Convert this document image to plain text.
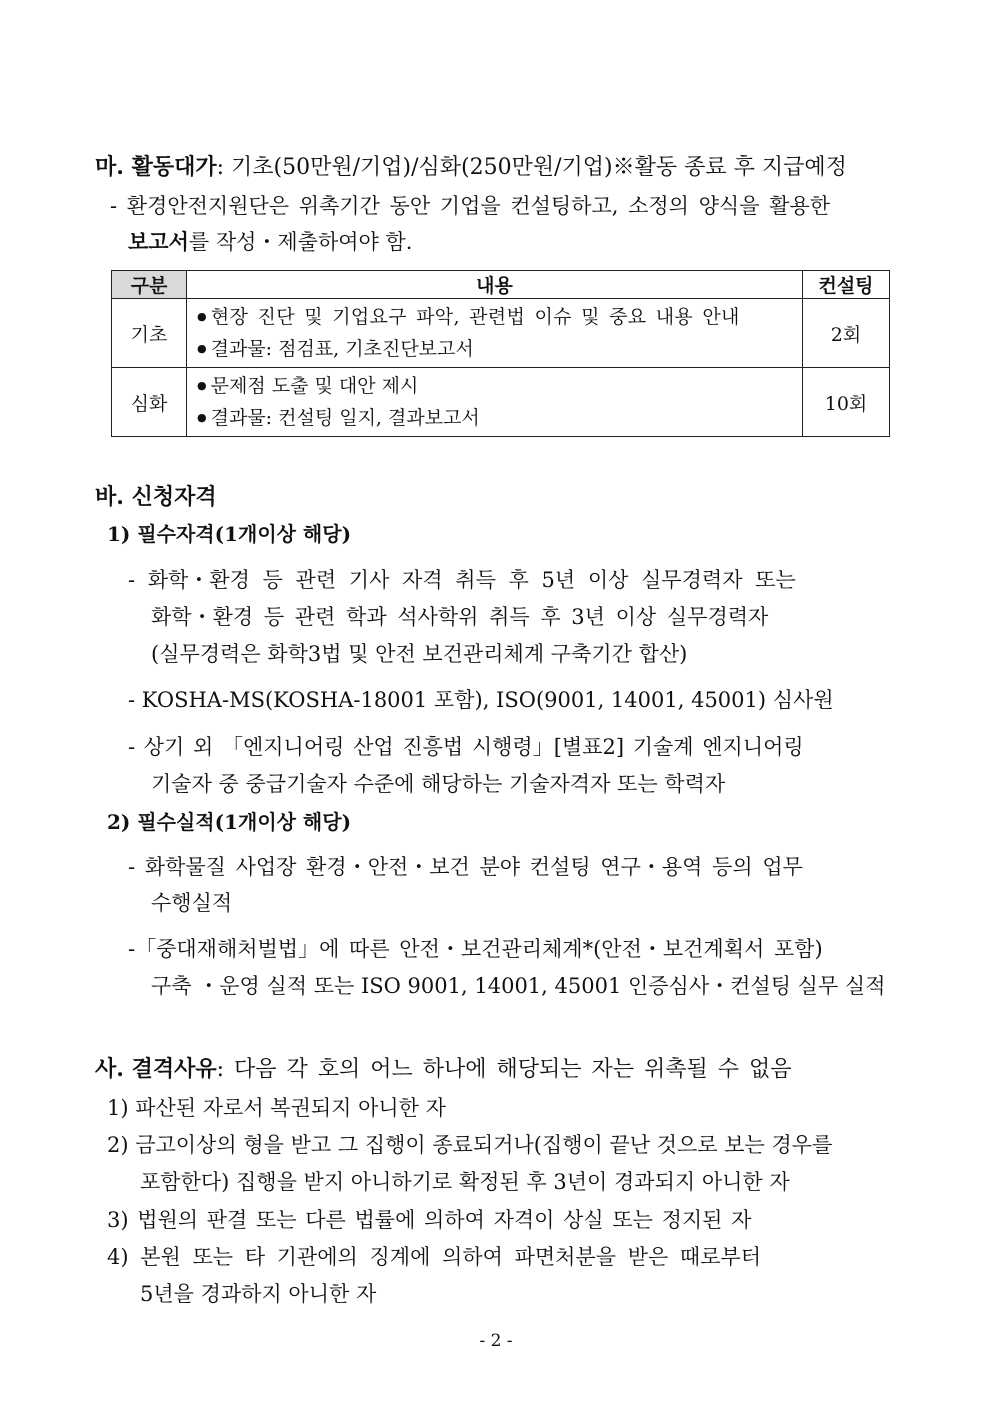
마. 활동대가: 기초(50만원/기업)/심화(250만원/기업)※활동 종료 후 지급예정
- 환경안전지원단은 위촉기간 동안 기업을 컨설팅하고, 소정의 양식을 활용한
보고서를 작성・제출하여야 함.
구분	내용	컨설팅
기초	● 현장 진단 및 기업요구 파악, 관련법 이슈 및 중요 내용 안내
● 결과물: 점검표, 기초진단보고서	2회
심화	● 문제점 도출 및 대안 제시
● 결과물: 컨설팅 일지, 결과보고서	10회
바. 신청자격
1) 필수자격(1개이상 해당)
- 화학・환경 등 관련 기사 자격 취득 후 5년 이상 실무경력자 또는
화학・환경 등 관련 학과 석사학위 취득 후 3년 이상 실무경력자
(실무경력은 화학3법 및 안전 보건관리체계 구축기간 합산)
- KOSHA-MS(KOSHA-18001 포함), ISO(9001, 14001, 45001) 심사원
- 상기 외 「엔지니어링 산업 진흥법 시행령」[별표2] 기술계 엔지니어링
기술자 중 중급기술자 수준에 해당하는 기술자격자 또는 학력자
2) 필수실적(1개이상 해당)
- 화학물질 사업장 환경・안전・보건 분야 컨설팅 연구・용역 등의 업무
수행실적
-「중대재해처벌법」에 따른 안전・보건관리체계*(안전・보건계획서 포함)
구축 ・운영 실적 또는 ISO 9001, 14001, 45001 인증심사・컨설팅 실무 실적
사. 결격사유: 다음 각 호의 어느 하나에 해당되는 자는 위촉될 수 없음
1) 파산된 자로서 복권되지 아니한 자
2) 금고이상의 형을 받고 그 집행이 종료되거나(집행이 끝난 것으로 보는 경우를
포함한다) 집행을 받지 아니하기로 확정된 후 3년이 경과되지 아니한 자
3) 법원의 판결 또는 다른 법률에 의하여 자격이 상실 또는 정지된 자
4) 본원 또는 타 기관에의 징계에 의하여 파면처분을 받은 때로부터
5년을 경과하지 아니한 자
- 2 -
